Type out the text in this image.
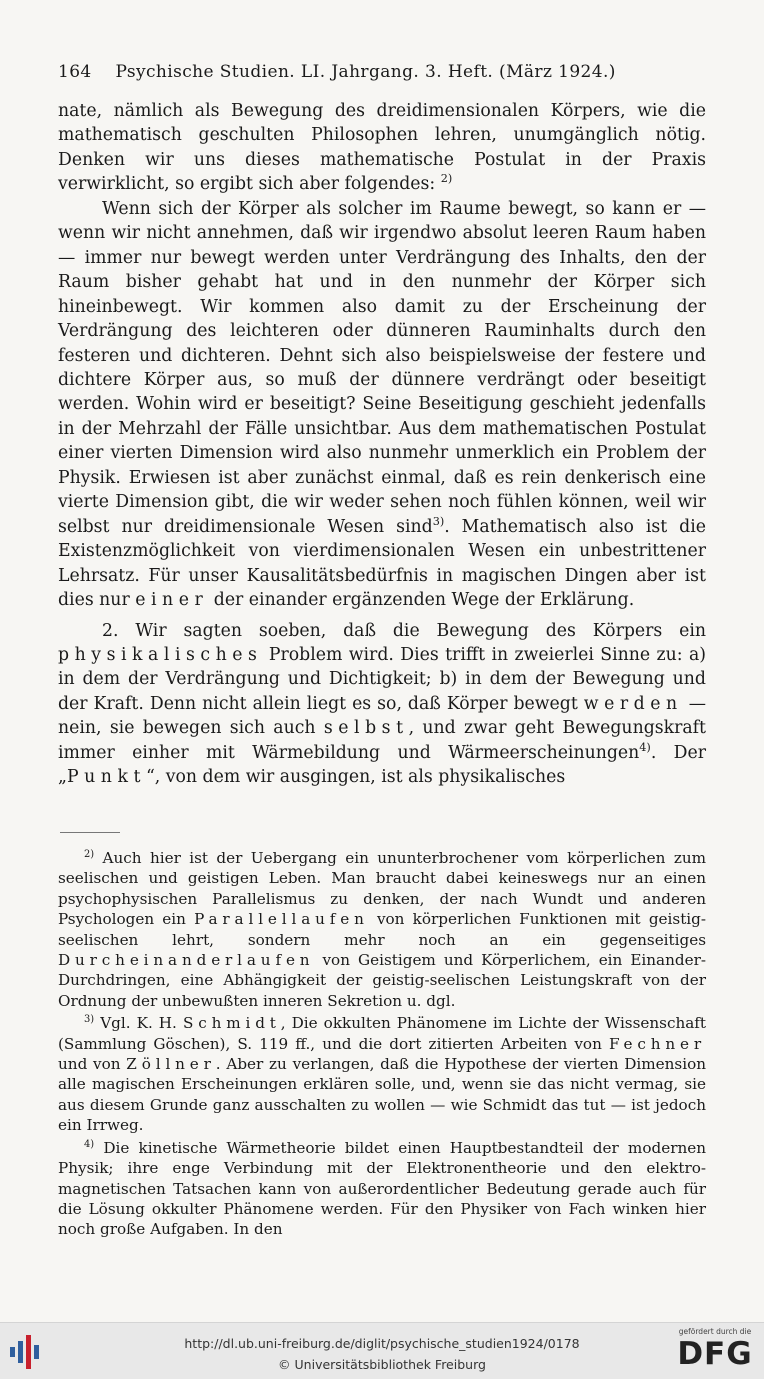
164 Psychische Studien. LI. Jahrgang. 3. Heft. (März 1924.)

nate, nämlich als Bewegung des dreidimensionalen Körpers, wie die mathematisch geschulten Philosophen lehren, unumgänglich nötig. Denken wir uns dieses mathematische Postulat in der Praxis verwirklicht, so ergibt sich aber folgendes: $^{2)}$

Wenn sich der Körper als solcher im Raume bewegt, so kann er — wenn wir nicht annehmen, daß wir irgendwo absolut leeren Raum haben — immer nur bewegt werden unter Verdrängung des Inhalts, den der Raum bisher gehabt hat und in den nunmehr der Körper sich hineinbewegt. Wir kommen also damit zu der Erscheinung der Verdrängung des leichteren oder dünneren Rauminhalts durch den festeren und dichteren. Dehnt sich also beispielsweise der festere und dichtere Körper aus, so muß der dünnere verdrängt oder beseitigt werden. Wohin wird er beseitigt? Seine Beseitigung geschieht jedenfalls in der Mehrzahl der Fälle unsichtbar. Aus dem mathematischen Postulat einer vierten Dimension wird also nunmehr unmerklich ein Problem der Physik. Erwiesen ist aber zunächst einmal, daß es rein denkerisch eine vierte Dimension gibt, die wir weder sehen noch fühlen können, weil wir selbst nur dreidimensionale Wesen sind$^{3)}$. Mathematisch also ist die Existenzmöglichkeit von vierdimensionalen Wesen ein unbestrittener Lehrsatz. Für unser Kausalitätsbedürfnis in magischen Dingen aber ist dies nur einer der einander ergänzenden Wege der Erklärung.

2. Wir sagten soeben, daß die Bewegung des Körpers ein physikalisches Problem wird. Dies trifft in zweierlei Sinne zu: a) in dem der Verdrängung und Dichtigkeit; b) in dem der Bewegung und der Kraft. Denn nicht allein liegt es so, daß Körper bewegt werden — nein, sie bewegen sich auch selbst, und zwar geht Bewegungskraft immer einher mit Wärmebildung und Wärmeerscheinungen$^{4)}$. Der „Punkt“, von dem wir ausgingen, ist als physikalisches

$^{2)}$ Auch hier ist der Uebergang ein ununterbrochener vom körperlichen zum seelischen und geistigen Leben. Man braucht dabei keineswegs nur an einen psychophysischen Parallelismus zu denken, der nach Wundt und anderen Psychologen ein Parallellaufen von körperlichen Funktionen mit geistig-seelischen lehrt, sondern mehr noch an ein gegenseitiges Durcheinanderlaufen von Geistigem und Körperlichem, ein Einander-Durchdringen, eine Abhängigkeit der geistig-seelischen Leistungskraft von der Ordnung der unbewußten inneren Sekretion u. dgl.

$^{3)}$ Vgl. K. H. Schmidt, Die okkulten Phänomene im Lichte der Wissenschaft (Sammlung Göschen), S. 119 ff., und die dort zitierten Arbeiten von Fechner und von Zöllner. Aber zu verlangen, daß die Hypothese der vierten Dimension alle magischen Erscheinungen erklären solle, und, wenn sie das nicht vermag, sie aus diesem Grunde ganz ausschalten zu wollen — wie Schmidt das tut — ist jedoch ein Irrweg.

$^{4)}$ Die kinetische Wärmetheorie bildet einen Hauptbestandteil der modernen Physik; ihre enge Verbindung mit der Elektronentheorie und den elektro-magnetischen Tatsachen kann von außerordentlicher Bedeutung gerade auch für die Lösung okkulter Phänomene werden. Für den Physiker von Fach winken hier noch große Aufgaben. In den

http://dl.ub.uni-freiburg.de/diglit/psychische_studien1924/0178
© Universitätsbibliothek Freiburg
gefördert durch die
DFG
